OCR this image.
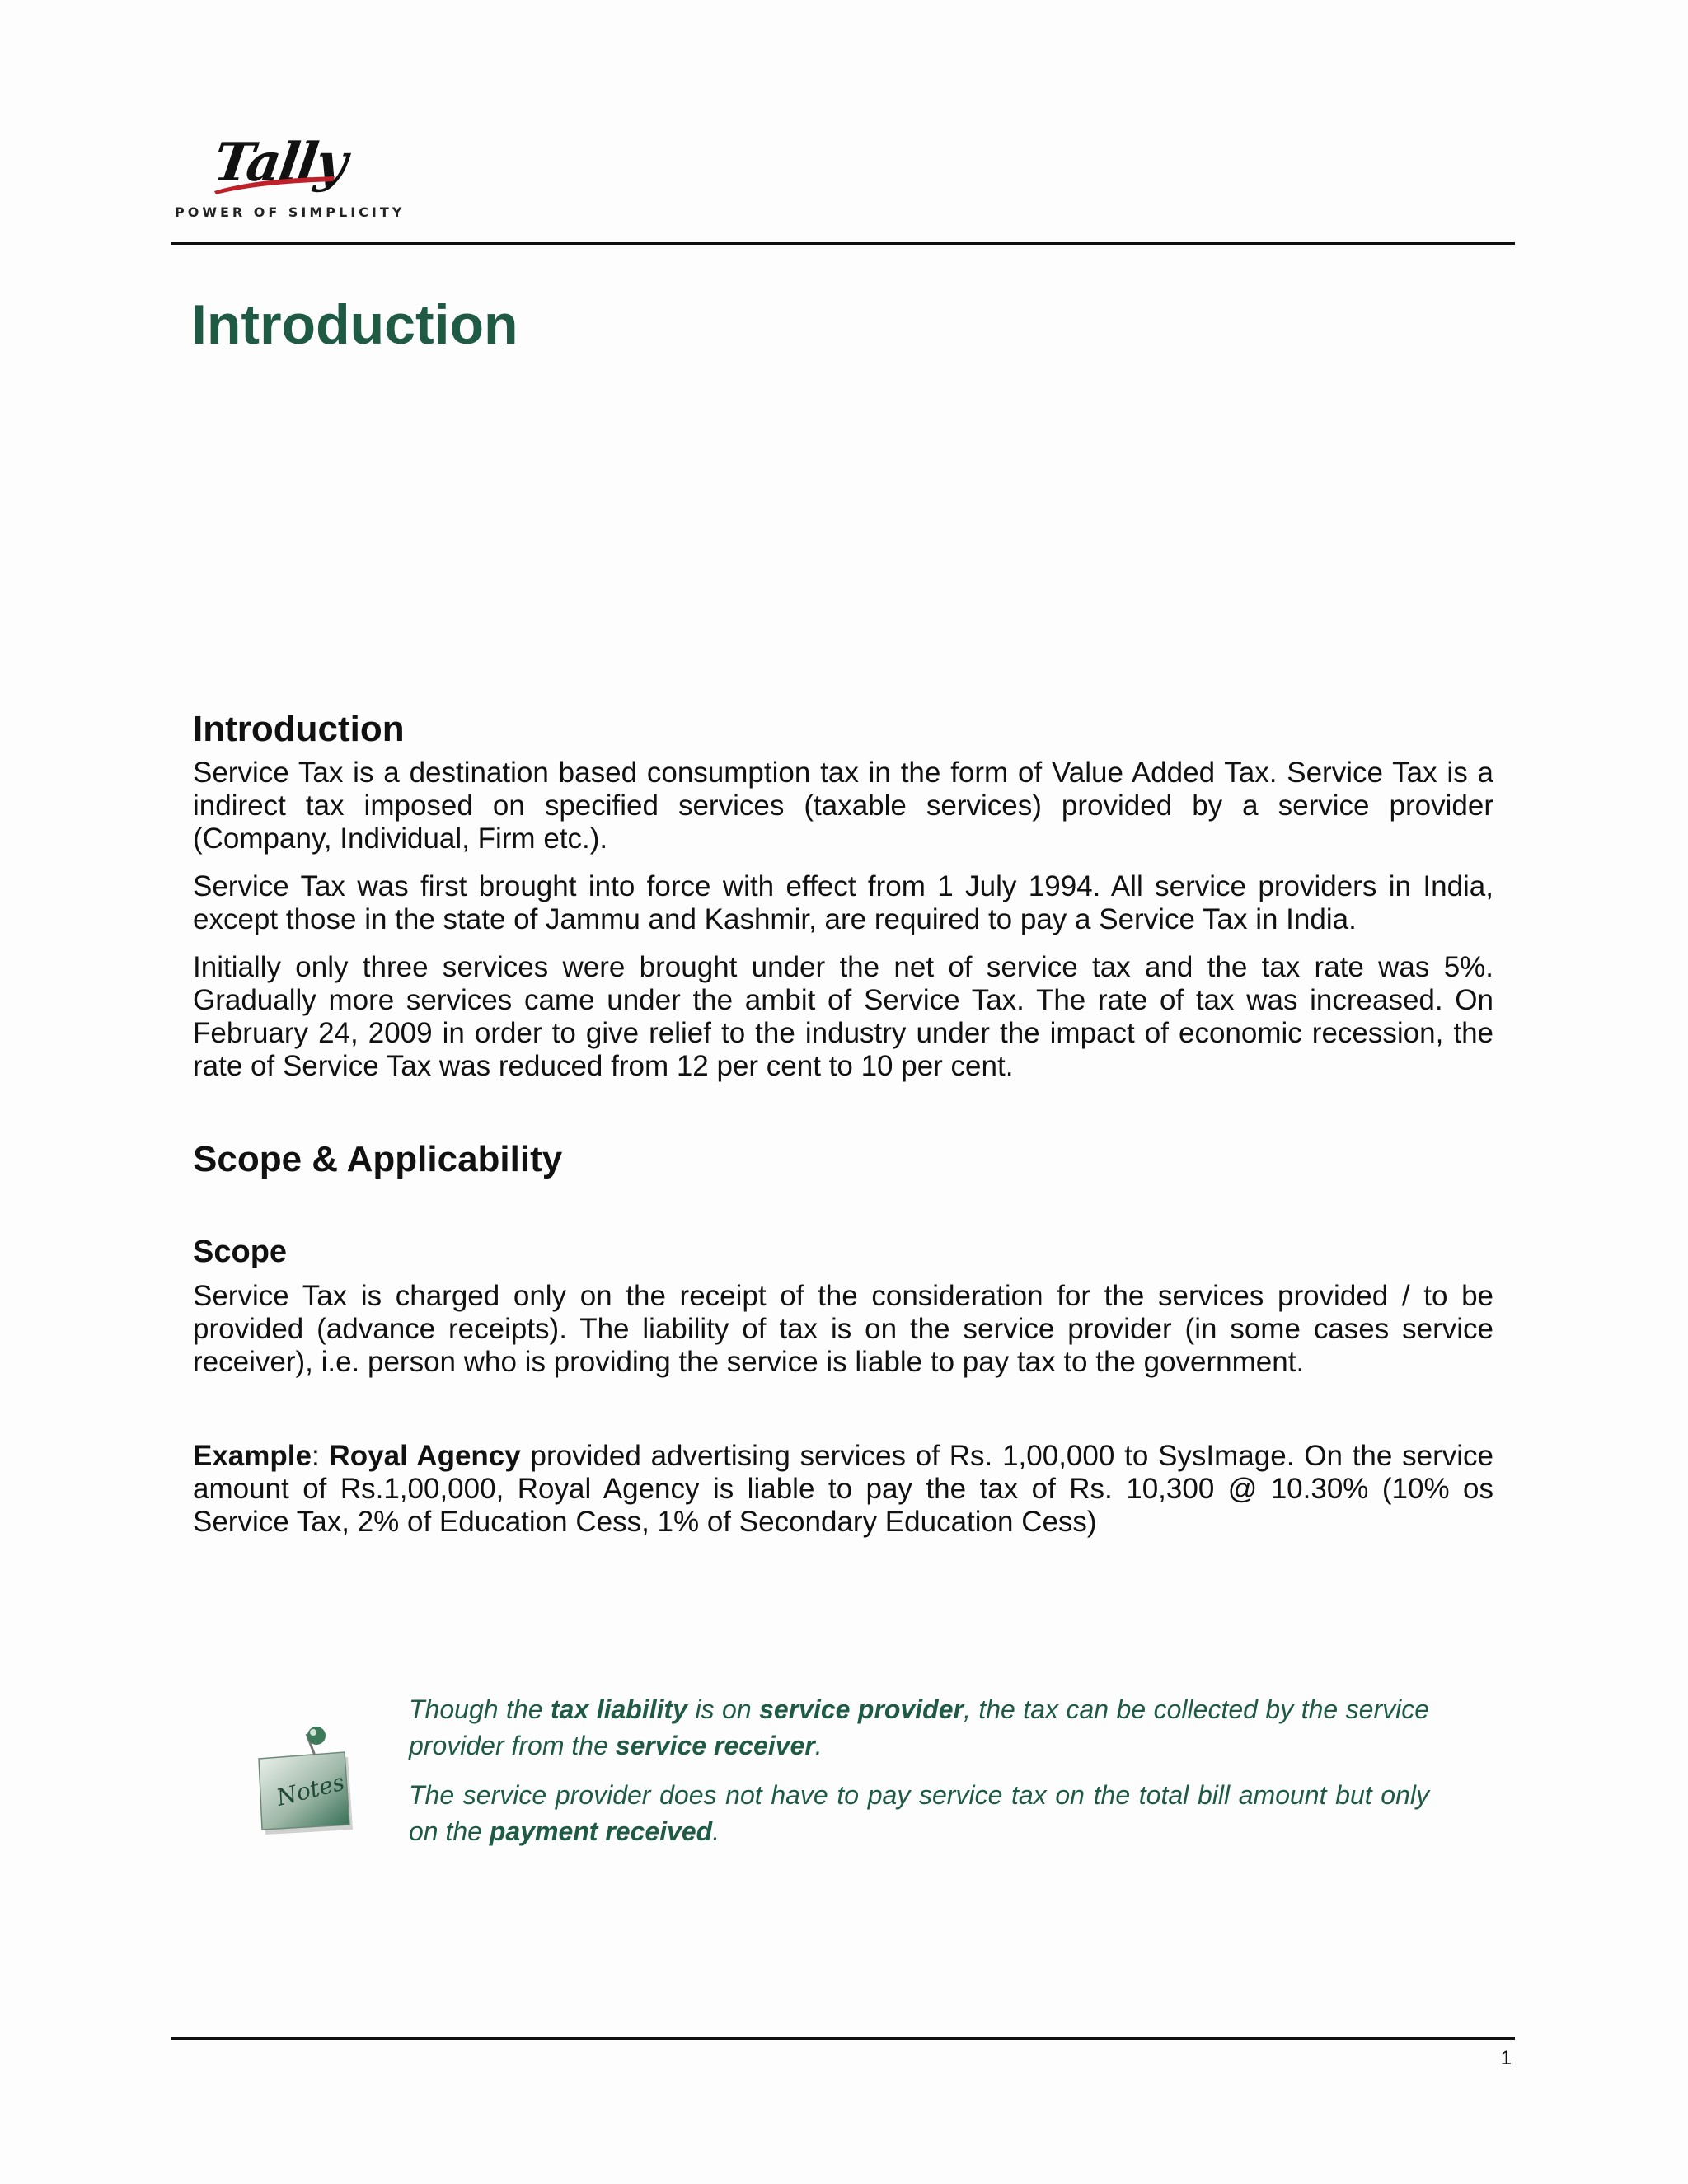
Tally
POWER OF SIMPLICITY
Introduction
Introduction

Service Tax is a destination based consumption tax in the form of Value Added Tax. Service Tax is a indirect tax imposed on specified services (taxable services) provided by a service provider (Company, Individual, Firm etc.).

Service Tax was first brought into force with effect from 1 July 1994. All service providers in India, except those in the state of Jammu and Kashmir, are required to pay a Service Tax in India.

Initially only three services were brought under the net of service tax and the tax rate was 5%. Gradually more services came under the ambit of Service Tax. The rate of tax was increased. On February 24, 2009 in order to give relief to the industry under the impact of economic recession, the rate of Service Tax was reduced from 12 per cent to 10 per cent.

Scope & Applicability
Scope

Service Tax is charged only on the receipt of the consideration for the services provided / to be provided (advance receipts). The liability of tax is on the service provider (in some cases service receiver), i.e. person who is providing the service is liable to pay tax to the government.

Example: Royal Agency provided advertising services of Rs. 1,00,000 to SysImage. On the service amount of Rs.1,00,000, Royal Agency is liable to pay the tax of Rs. 10,300 @ 10.30% (10% os Service Tax, 2% of Education Cess, 1% of Secondary Education Cess)

Notes

Though the tax liability is on service provider, the tax can be collected by the service provider from the service receiver.

The service provider does not have to pay service tax on the total bill amount but only on the payment received.

1
